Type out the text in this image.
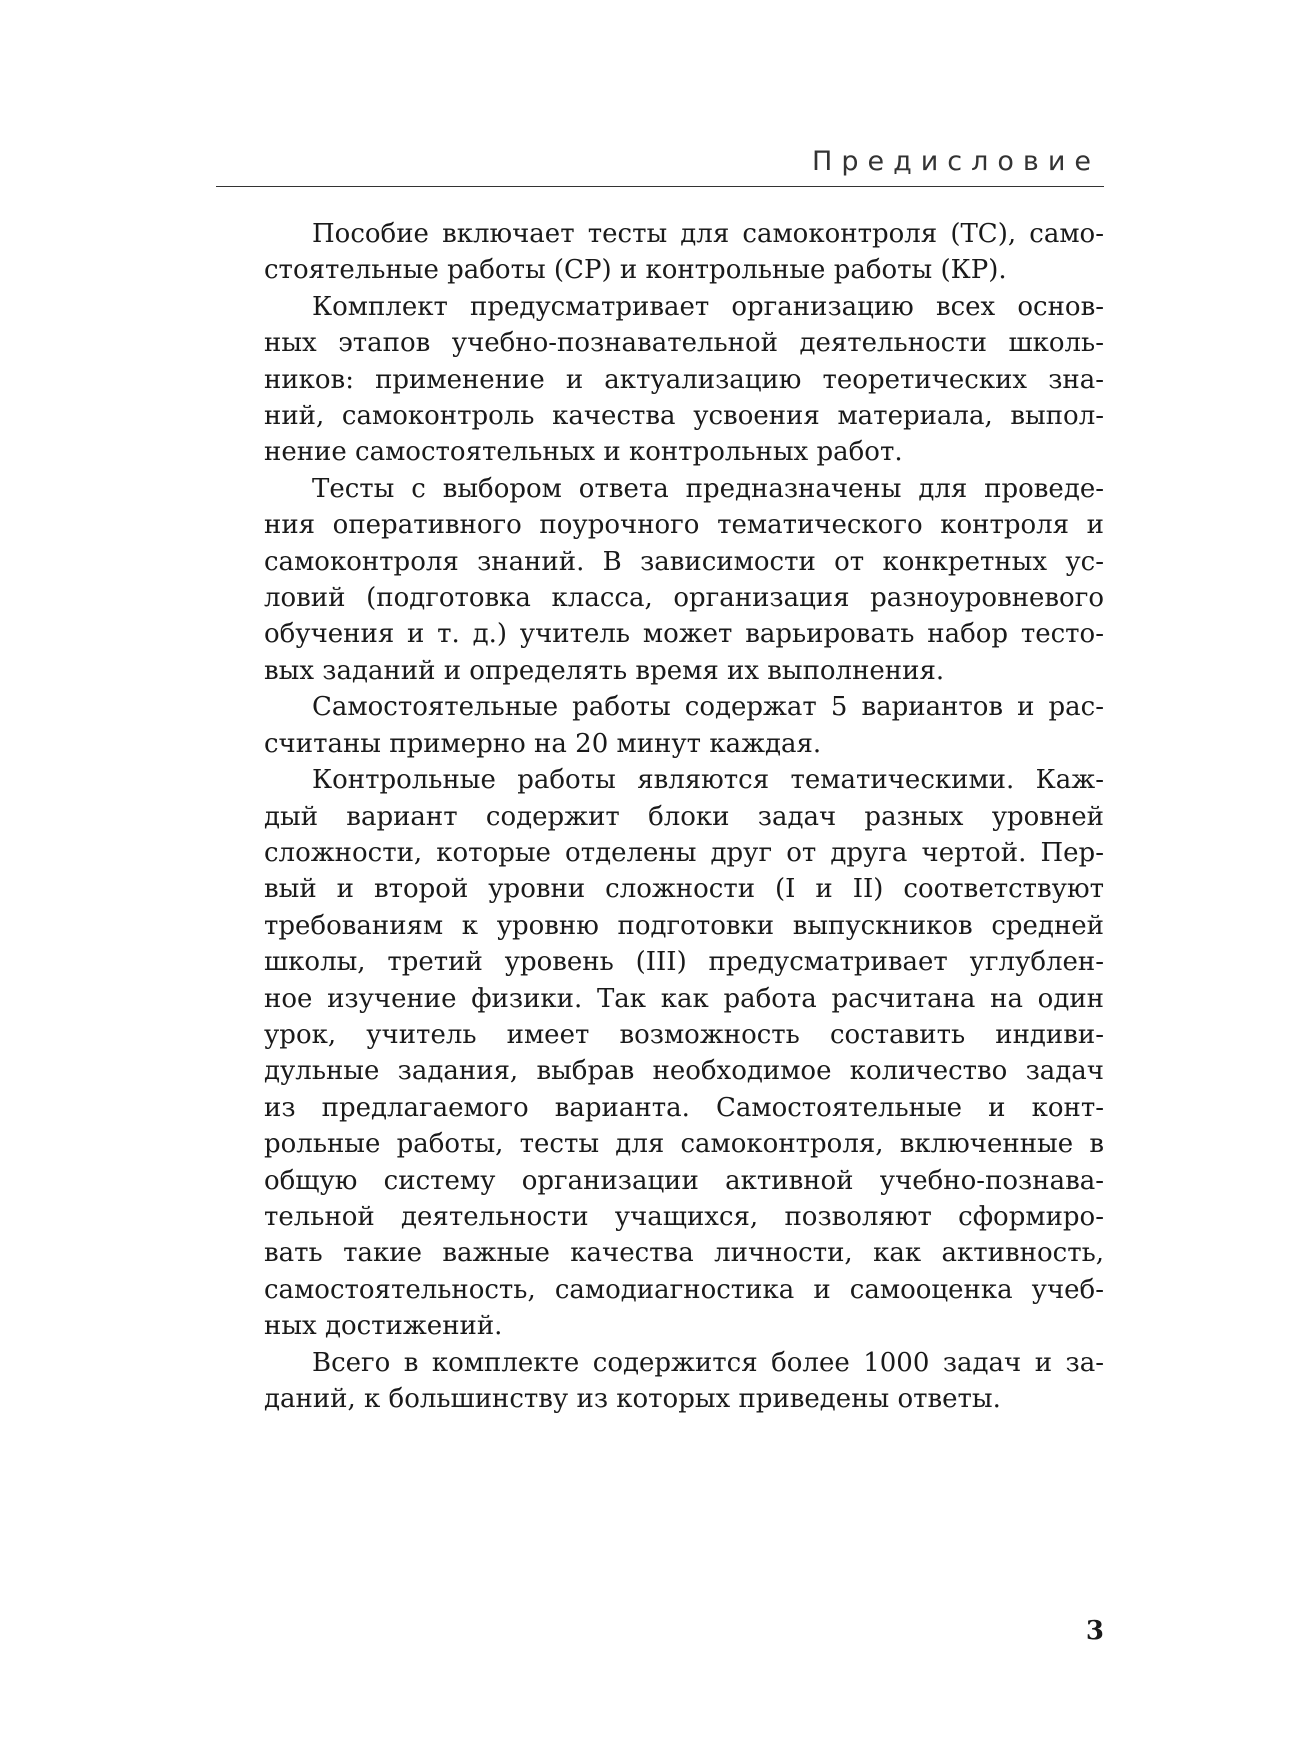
Предисловие

Пособие включает тесты для самоконтроля (ТС), само-
стоятельные работы (СР) и контрольные работы (КР).

Комплект предусматривает организацию всех основ-
ных этапов учебно-познавательной деятельности школь-
ников: применение и актуализацию теоретических зна-
ний, самоконтроль качества усвоения материала, выпол-
нение самостоятельных и контрольных работ.

Тесты с выбором ответа предназначены для проведе-
ния оперативного поурочного тематического контроля и
самоконтроля знаний. В зависимости от конкретных ус-
ловий (подготовка класса, организация разноуровневого
обучения и т. д.) учитель может варьировать набор тесто-
вых заданий и определять время их выполнения.

Самостоятельные работы содержат 5 вариантов и рас-
считаны примерно на 20 минут каждая.

Контрольные работы являются тематическими. Каж-
дый вариант содержит блоки задач разных уровней
сложности, которые отделены друг от друга чертой. Пер-
вый и второй уровни сложности (I и II) соответствуют
требованиям к уровню подготовки выпускников средней
школы, третий уровень (III) предусматривает углублен-
ное изучение физики. Так как работа расчитана на один
урок, учитель имеет возможность составить индиви-
дульные задания, выбрав необходимое количество задач
из предлагаемого варианта. Самостоятельные и конт-
рольные работы, тесты для самоконтроля, включенные в
общую систему организации активной учебно-познава-
тельной деятельности учащихся, позволяют сформиро-
вать такие важные качества личности, как активность,
самостоятельность, самодиагностика и самооценка учеб-
ных достижений.

Всего в комплекте содержится более 1000 задач и за-
даний, к большинству из которых приведены ответы.

3
